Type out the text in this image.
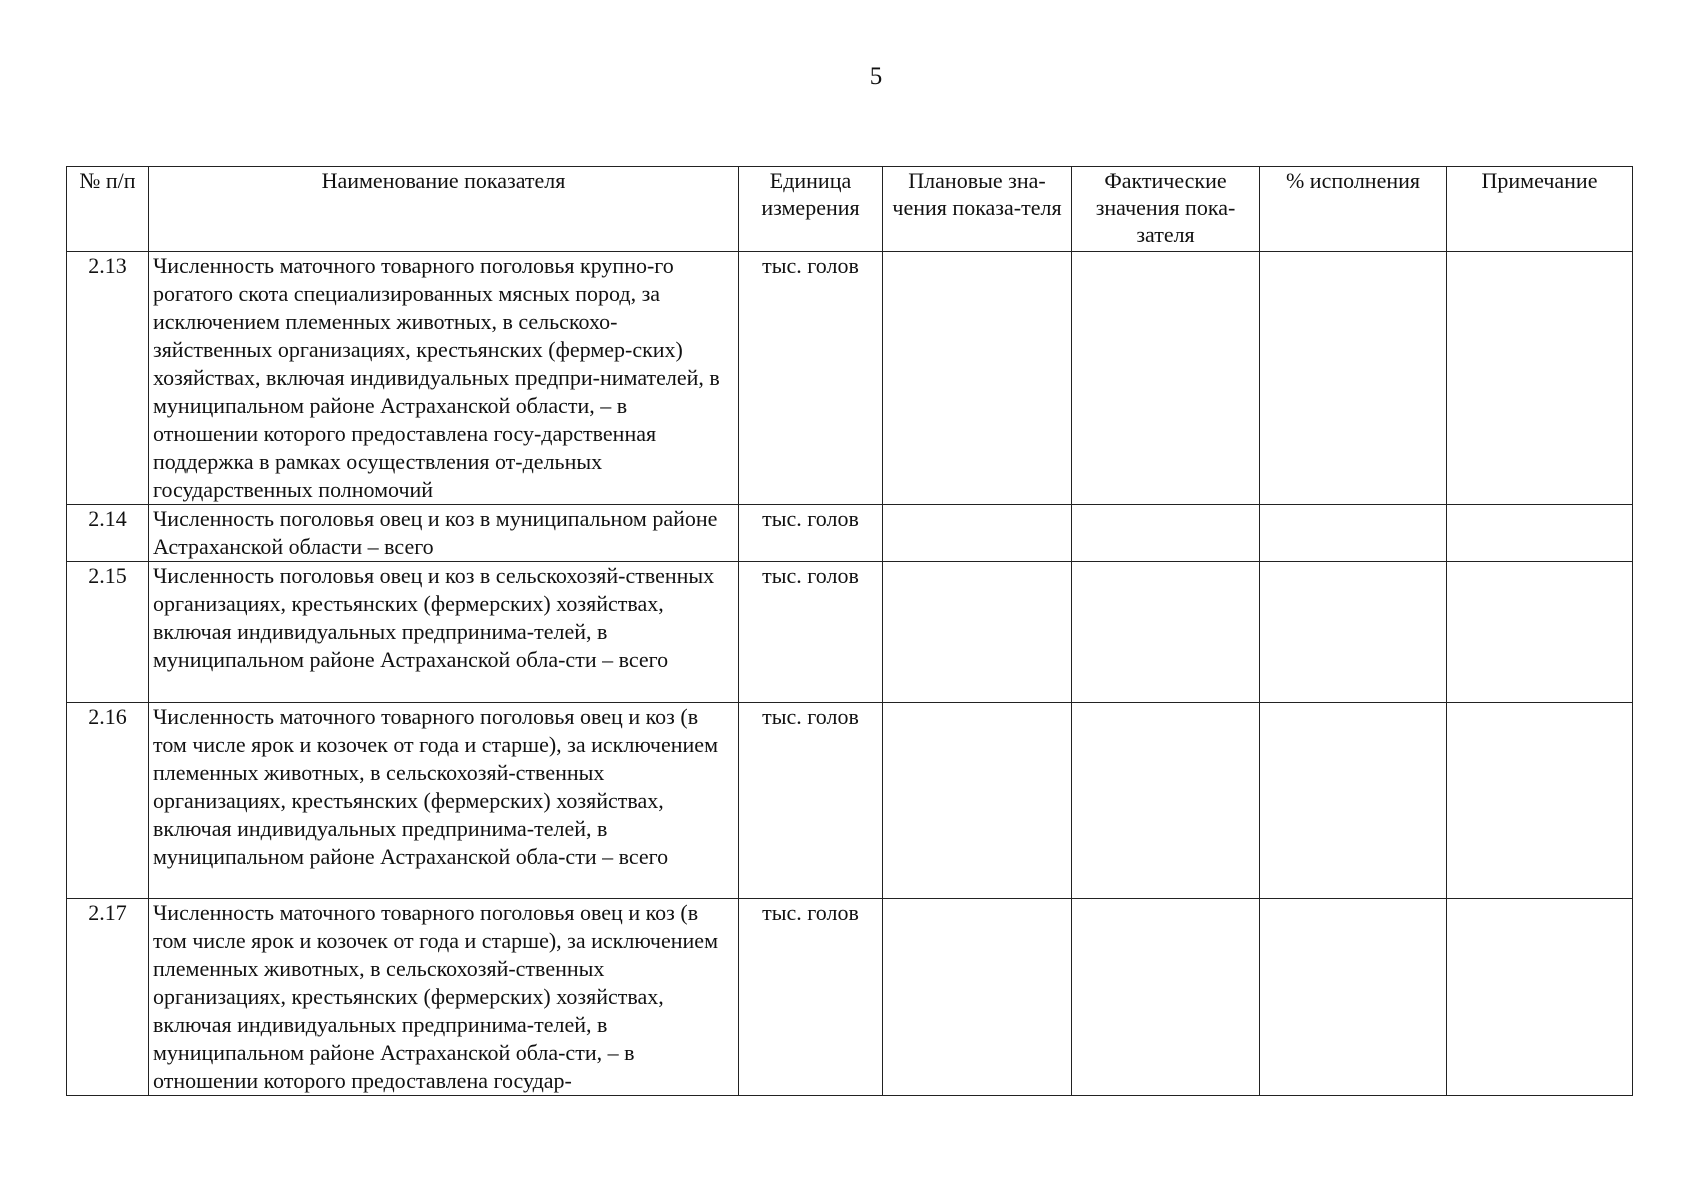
5
№ п/п	Наименование показателя	Единица измерения	Плановые зна-чения показа-теля	Фактические значения пока-зателя	% исполнения	Примечание
2.13	Численность маточного товарного поголовья крупно-го рогатого скота специализированных мясных пород, за исключением племенных животных, в сельскохо-зяйственных организациях, крестьянских (фермер-ских) хозяйствах, включая индивидуальных предпри-нимателей, в муниципальном районе Астраханской области, – в отношении которого предоставлена госу-дарственная поддержка в рамках осуществления от-дельных государственных полномочий	тыс. голов				
2.14	Численность поголовья овец и коз в муниципальном районе Астраханской области – всего	тыс. голов				
2.15	Численность поголовья овец и коз в сельскохозяй-ственных организациях, крестьянских (фермерских) хозяйствах, включая индивидуальных предпринима-телей, в муниципальном районе Астраханской обла-сти – всего	тыс. голов				
2.16	Численность маточного товарного поголовья овец и коз (в том числе ярок и козочек от года и старше), за исключением племенных животных, в сельскохозяй-ственных организациях, крестьянских (фермерских) хозяйствах, включая индивидуальных предпринима-телей, в муниципальном районе Астраханской обла-сти – всего	тыс. голов				
2.17	Численность маточного товарного поголовья овец и коз (в том числе ярок и козочек от года и старше), за исключением племенных животных, в сельскохозяй-ственных организациях, крестьянских (фермерских) хозяйствах, включая индивидуальных предпринима-телей, в муниципальном районе Астраханской обла-сти, – в отношении которого предоставлена государ-	тыс. голов				
